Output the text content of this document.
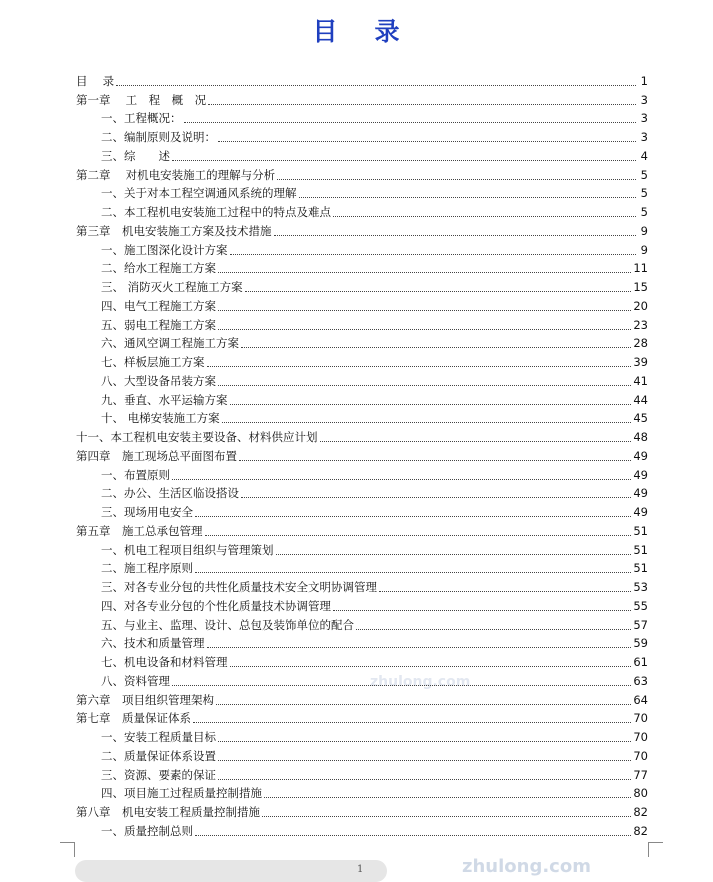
目 录
zhulong.com
目　 录	1
第一章　 工　程　概　况	3
一、工程概况：	3
二、编制原则及说明：	3
三、综　　述	4
第二章　 对机电安装施工的理解与分析	5
一、关于对本工程空调通风系统的理解	5
二、本工程机电安装施工过程中的特点及难点	5
第三章　机电安装施工方案及技术措施	9
一、施工图深化设计方案	9
二、给水工程施工方案	11
三、 消防灭火工程施工方案	15
四、电气工程施工方案	20
五、弱电工程施工方案	23
六、通风空调工程施工方案	28
七、样板层施工方案	39
八、大型设备吊装方案	41
九、垂直、水平运输方案	44
十、 电梯安装施工方案	45
十一、本工程机电安装主要设备、材料供应计划	48
第四章　施工现场总平面图布置	49
一、布置原则	49
二、办公、生活区临设搭设	49
三、现场用电安全	49
第五章　施工总承包管理	51
一、机电工程项目组织与管理策划	51
二、施工程序原则	51
三、对各专业分包的共性化质量技术安全文明协调管理	53
四、对各专业分包的个性化质量技术协调管理	55
五、与业主、监理、设计、总包及装饰单位的配合	57
六、技术和质量管理	59
七、机电设备和材料管理	61
八、资料管理	63
第六章　项目组织管理架构	64
第七章　质量保证体系	70
一、安装工程质量目标	70
二、质量保证体系设置	70
三、资源、要素的保证	77
四、项目施工过程质量控制措施	80
第八章　机电安装工程质量控制措施	82
一、质量控制总则	82
1	zhulong.com
